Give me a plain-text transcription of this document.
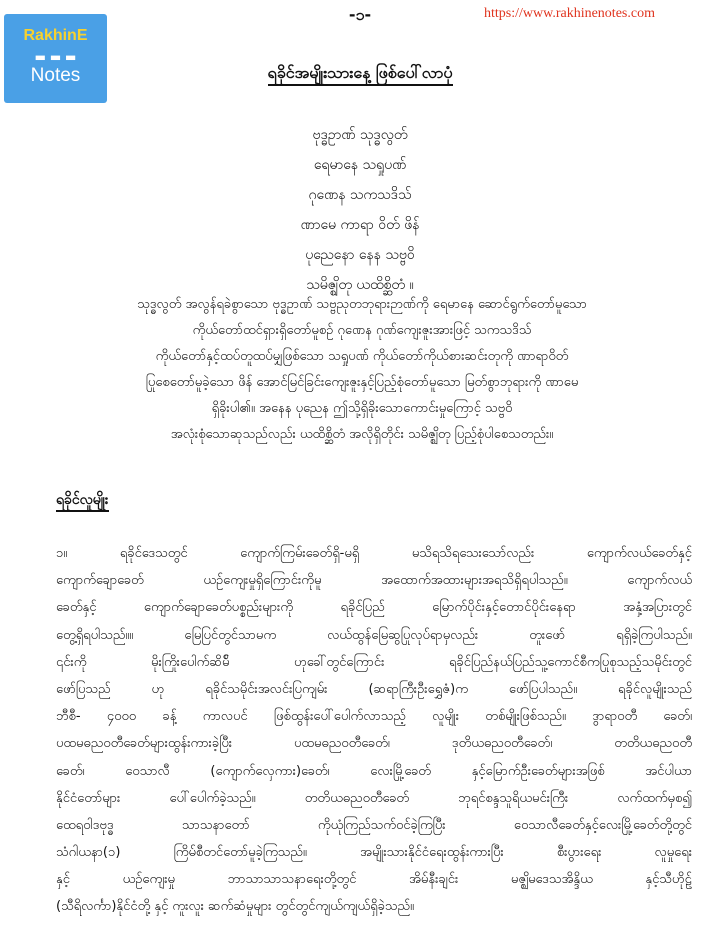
RakhinE
▬ ▬ ▬
Notes
https://www.rakhinenotes.com
-၁-
ရခိုင်အမျိုးသားနေ့ ဖြစ်ပေါ်လာပုံ
ဗုဒ္ဓဥာဏ် သုဒ္ဓလွတ်
ရေမာနေ သရှုပဏ်
ဂုဏေန သကသဒိသ်
ဏာမေ ကာရာ ဝိတ် ဖိန်
ပုညေနော နေန သဗ္ဗဝိ
သမိဇ္ဈိတု ယထိစ္ဆိတံ ။
သုဒ္ဓလွတ် အလွန်ရခဲစွာသော ဗုဒ္ဓဥာဏ် သဗ္ဗညုတဘုရားဉာဏ်ကို ရေမာနေ ဆောင်ရွက်တော်မူသော
ကိုယ်တော်ထင်ရှားရှိတော်မူစဉ် ဂုဏေန ဂုဏ်ကျေးဇူးအားဖြင့် သကသဒိသ်
ကိုယ်တော်နှင့်ထပ်တူထပ်မျှဖြစ်သော သရှုပဏ် ကိုယ်တော်ကိုယ်စားဆင်းတုကို ဏာရာဝိတ်
ပြုစေတော်မူခဲ့သော ဖိန် အောင်မြင်ခြင်းကျေးဇူးနှင့်ပြည့်စုံတော်မူသော မြတ်စွာဘုရားကို ဏာမေ
ရှိခိုးပါ၏။ အနေန ပုညေန ဤသို့ရှိခိုးသောကောင်းမှုကြောင့် သဗ္ဗဝိ
အလုံးစုံသောဆုသည်လည်း ယထိစ္ဆိတံ အလိုရှိတိုင်း သမိဇ္ဈိတု ပြည့်စုံပါစေသတည်း။
ရခိုင်လူမျိုး
၁။ ရခိုင်ဒေသတွင် ကျောက်ကြမ်းခေတ်ရှိ-မရှိ မသိရသိရသေးသော်လည်း ကျောက်လယ်ခေတ်နှင့်
ကျောက်ချောခေတ် ယဉ်ကျေးမှုရှိကြောင်းကိုမူ အထောက်အထားများအရသိရှိရပါသည်။ ကျောက်လယ်
ခေတ်နှင့် ကျောက်ချောခေတ်ပစ္စည်းများကို ရခိုင်ပြည် မြောက်ပိုင်းနှင့်တောင်ပိုင်းနေရာ အနှံ့အပြားတွင်
တွေ့ရှိရပါသည်။။ မြေပြင်တွင်သာမက လယ်ထွန်မြေဆွပြုလုပ်ရာမှလည်း တူးဖော် ရရှိခဲ့ကြပါသည်။
၎င်းကို မိုးကြိုးပေါက်ဆိမ်ိ ဟုခေါ်တွင်ကြောင်း ရခိုင်ပြည်နယ်ပြည်သူ့ကောင်စီကပြုစုသည့်သမိုင်းတွင်
ဖော်ပြသည် ဟု ရခိုင်သမိုင်းအလင်းပြကျမ်း (ဆရာကြီးဦးရွှေဇံ)က ဖော်ပြပါသည်။ ရခိုင်လူမျိုးသည်
ဘီစီ- ၄၀၀၀ ခန့် ကာလပင် ဖြစ်ထွန်းပေါ်ပေါက်လာသည့် လူမျိုး တစ်မျိုးဖြစ်သည်။ ဒွာရာဝတီ ခေတ်၊
ပထမဓညဝတီခေတ်များထွန်းကားခဲ့ပြီး ပထမဓညဝတီခေတ်၊ ဒုတိယဓညဝတီခေတ်၊ တတိယဓညဝတီ
ခေတ်၊ ဝေသာလီ (ကျောက်လှေကား)ခေတ်၊ လေးမြို့ခေတ် နှင့်မြောက်ဦးခေတ်များအဖြစ် အင်ပါယာ
နိုင်ငံတော်များ ပေါ်ပေါက်ခဲ့သည်။ တတိယဓညဝတီခေတ် ဘုရင်စန္ဒသူရိယမင်းကြီး လက်ထက်မှစ၍
ထေရဝါဒဗုဒ္ဓ သာသနာတော် ကိုယုံကြည်သက်ဝင်ခဲ့ကြပြီး ဝေသာလီခေတ်နှင့်လေးမြို့ခေတ်တို့တွင်
သံဂါယနာ(၁) ကြိမ်စီတင်တော်မူခဲ့ကြသည်။ အမျိုးသားနိုင်ငံရေးထွန်းကားပြီး စီးပွားရေး လူမှုရေး
နှင့် ယဉ်ကျေးမှု ဘာသာသာသနာရေးတို့တွင် အိမ်နီးချင်း မဇ္ဈိမဒေသအိန္ဒိယ နှင့်သီဟိုဠ်
(သီရိလင်္ကာ)နိုင်ငံတို့ နှင့် ကူးလူး ဆက်ဆံမှုများ တွင်တွင်ကျယ်ကျယ်ရှိခဲ့သည်။
